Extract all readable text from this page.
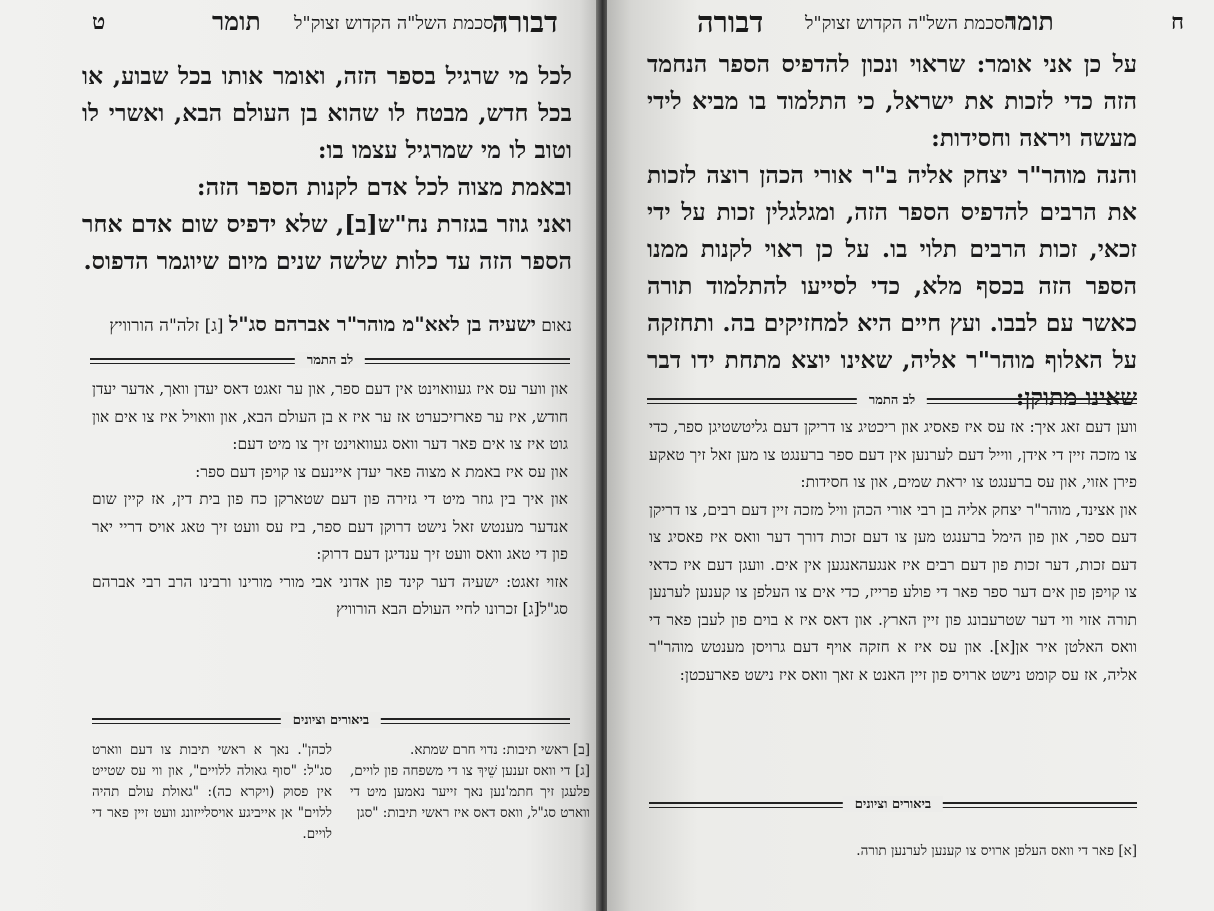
ט	תומר הסכמת השל"ה הקדוש זצוק"ל
דבורה

לכל מי שרגיל בספר הזה, ואומר אותו בכל שבוע, או בכל חדש, מבטח לו שהוא בן העולם הבא, ואשרי לו וטוב לו מי שמרגיל עצמו בו:

ובאמת מצוה לכל אדם לקנות הספר הזה:

ואני גוזר בגזרת נח"ש[ב], שלא ידפיס שום אדם אחר הספר הזה עד כלות שלשה שנים מיום שיוגמר הדפוס.

נאום ישעיה בן לאא"מ מוהר"ר אברהם סג"ל [ג] זלה"ה הורוויץ
לב התמר

און ווער עס איז געוואוינט אין דעם ספר, און ער זאגט דאס יעדן וואך, אדער יעדן חודש, איז ער פארזיכערט אז ער איז א בן העולם הבא, און וואויל איז צו אים און גוט איז צו אים פאר דער וואס געוואוינט זיך צו מיט דעם:

און עס איז באמת א מצוה פאר יעדן איינעם צו קויפן דעם ספר:

און איך בין גוזר מיט די גזירה פון דעם שטארקן כח פון בית דין, אז קיין שום אנדער מענטש זאל נישט דרוקן דעם ספר, ביז עס וועט זיך טאג אויס דריי יאר פון די טאג וואס וועט זיך ענדיגן דעם דרוק:

אזוי זאגט: ישעיה דער קינד פון אדוני אבי מורי מורינו ורבינו הרב רבי אברהם סג"ל[ג] זכרונו לחיי העולם הבא הורוויץ

ביאורים וציונים
[ב] ראשי תיבות: נדוי חרם שמתא.
[ג] די וואס זענען שֵׁיךְ צו די משפחה פון לויים, פלעגן זיך חתמ'נען נאך זייער נאמען מיט די ווארט סג"ל, וואס דאס איז ראשי תיבות: "סגן
לכהן". נאך א ראשי תיבות צו דעם ווארט סג"ל: "סוף גאולה ללויים", און ווי עס שטייט אין פסוק (ויקרא כה): "גאולת עולם תהיה ללוים" אן אייביגע אויסלייזונג וועט זיין פאר די לויים.
דבורה הסכמת השל"ה הקדוש זצוק"ל
תומר	ח

על כן אני אומר: שראוי ונכון להדפיס הספר הנחמד הזה כדי לזכות את ישראל, כי התלמוד בו מביא לידי מעשה ויראה וחסידות:

והנה מוהר"ר יצחק אליה ב"ר אורי הכהן רוצה לזכות את הרבים להדפיס הספר הזה, ומגלגלין זכות על ידי זכאי, זכות הרבים תלוי בו. על כן ראוי לקנות ממנו הספר הזה בכסף מלא, כדי לסייעו להתלמוד תורה כאשר עם לבבו. ועץ חיים היא למחזיקים בה. ותחזקה על האלוף מוהר"ר אליה, שאינו יוצא מתחת ידו דבר שאינו מתוקן:

לב התמר

ווען דעם זאג איך: אז עס איז פאסיג און ריכטיג צו דריקן דעם גליטשטיגן ספר, כדי צו מזכה זיין די אידן, ווייל דעם לערנען אין דעם ספר ברענגט צו מען זאל זיך טאקע פירן אזוי, און עס ברענגט צו יראת שמים, און צו חסידות:

און אצינד, מוהר"ר יצחק אליה בן רבי אורי הכהן וויל מזכה זיין דעם רבים, צו דריקן דעם ספר, און פון הימל ברענגט מען צו דעם זכות דורך דער וואס איז פאסיג צו דעם זכות, דער זכות פון דעם רבים איז אנגעהאנגען אין אים. וועגן דעם איז כדאי צו קויפן פון אים דער ספר פאר די פולע פרייז, כדי אים צו העלפן צו קענען לערנען תורה אזוי ווי דער שטרעבונג פון זיין הארץ. און דאס איז א בוים פון לעבן פאר די וואס האלטן איר אן[א]. און עס איז א חזקה אויף דעם גרויסן מענטש מוהר"ר אליה, אז עס קומט נישט ארויס פון זיין האנט א זאך וואס איז נישט פארעכטן:

ביאורים וציונים

[א] פאר די וואס העלפן ארויס צו קענען לערנען תורה.
